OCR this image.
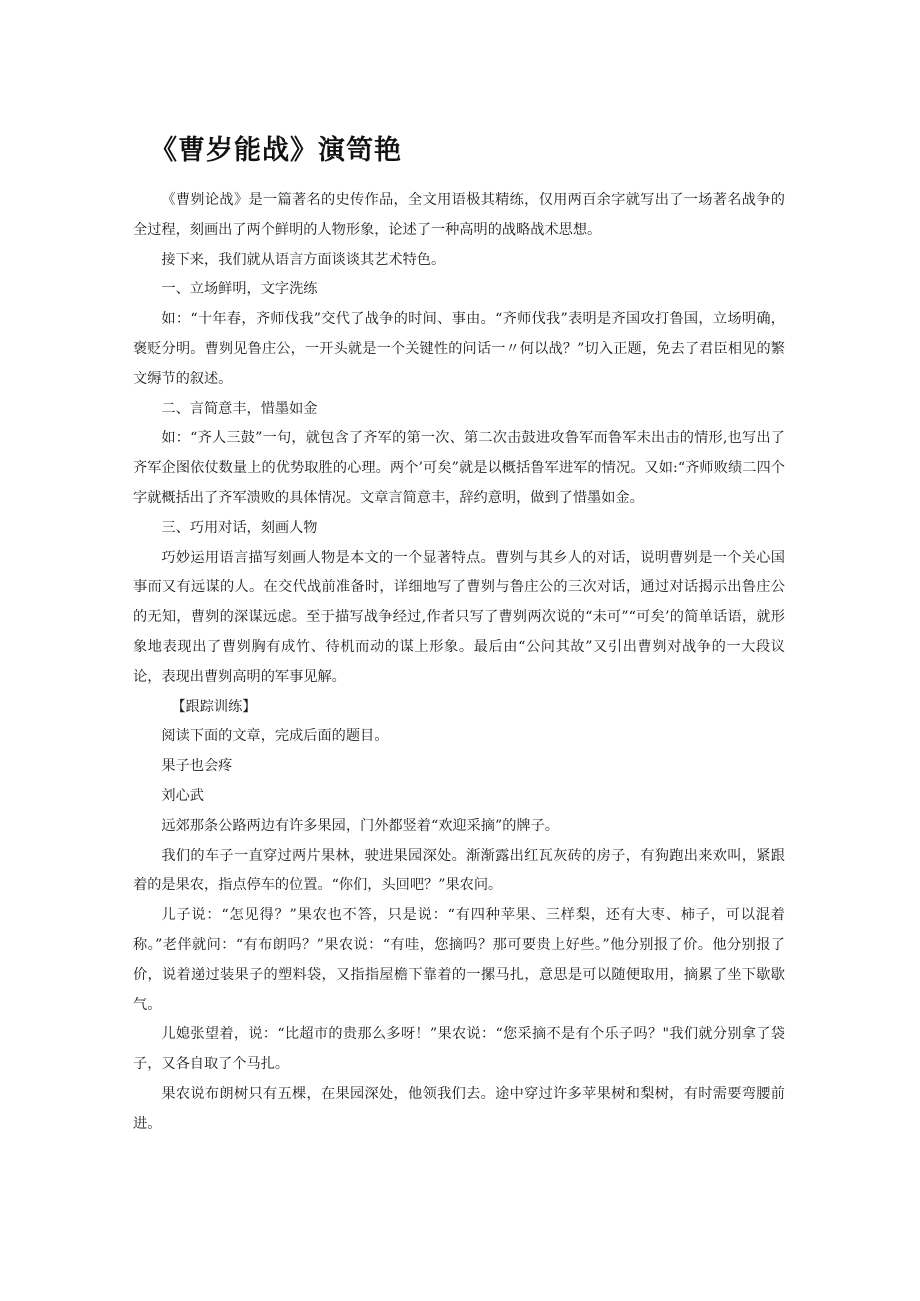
《曹岁能战》演笥艳

《曹刿论战》是一篇著名的史传作品，全文用语极其精练，仅用两百余字就写出了一场著名战争的全过程，刻画出了两个鲜明的人物形象，论述了一种高明的战略战术思想。

接下来，我们就从语言方面谈谈其艺术特色。

一、立场鲜明，文字洗练

如：“十年春，齐师伐我”交代了战争的时间、事由。“齐师伐我”表明是齐国攻打鲁国，立场明确，褒贬分明。曹刿见鲁庄公，一开头就是一个关键性的问话一〃何以战？”切入正题，免去了君臣相见的繁文缛节的叙述。

二、言简意丰，惜墨如金

如：“齐人三鼓”一句，就包含了齐军的第一次、第二次击鼓进攻鲁军而鲁军未出击的情形,也写出了齐军企图依仗数量上的优势取胜的心理。两个’可矣”就是以概括鲁军进军的情况。又如:“齐师败绩二四个字就概括出了齐军溃败的具体情况。文章言简意丰，辞约意明，做到了惜墨如金。

三、巧用对话，刻画人物

巧妙运用语言描写刻画人物是本文的一个显著特点。曹刿与其乡人的对话，说明曹刿是一个关心国事而又有远谋的人。在交代战前准备时，详细地写了曹刿与鲁庄公的三次对话，通过对话揭示出鲁庄公的无知，曹刿的深谋远虑。至于描写战争经过,作者只写了曹刿两次说的“未可”“可矣’的简单话语，就形象地表现出了曹刿胸有成竹、待机而动的谋上形象。最后由“公问其故”又引出曹刿对战争的一大段议论，表现出曹刿高明的军事见解。

【跟踪训练】

阅读下面的文章，完成后面的题目。

果子也会疼

刘心武

远郊那条公路两边有许多果园，门外都竖着“欢迎采摘”的牌子。

我们的车子一直穿过两片果林，驶进果园深处。渐渐露出红瓦灰砖的房子，有狗跑出来欢叫，紧跟着的是果农，指点停车的位置。“你们，头回吧？”果农问。

儿子说：“怎见得？”果农也不答，只是说：“有四种苹果、三样梨，还有大枣、柿子，可以混着称。”老伴就问：“有布朗吗？”果农说：“有哇，您摘吗？那可要贵上好些。”他分别报了价。他分别报了价，说着递过装果子的塑料袋，又指指屋檐下靠着的一摞马扎，意思是可以随便取用，摘累了坐下歇歇气。

儿媳张望着，说：“比超市的贵那么多呀！”果农说：“您采摘不是有个乐子吗？"我们就分别拿了袋子，又各自取了个马扎。

果农说布朗树只有五棵，在果园深处，他领我们去。途中穿过许多苹果树和梨树，有时需要弯腰前进。
